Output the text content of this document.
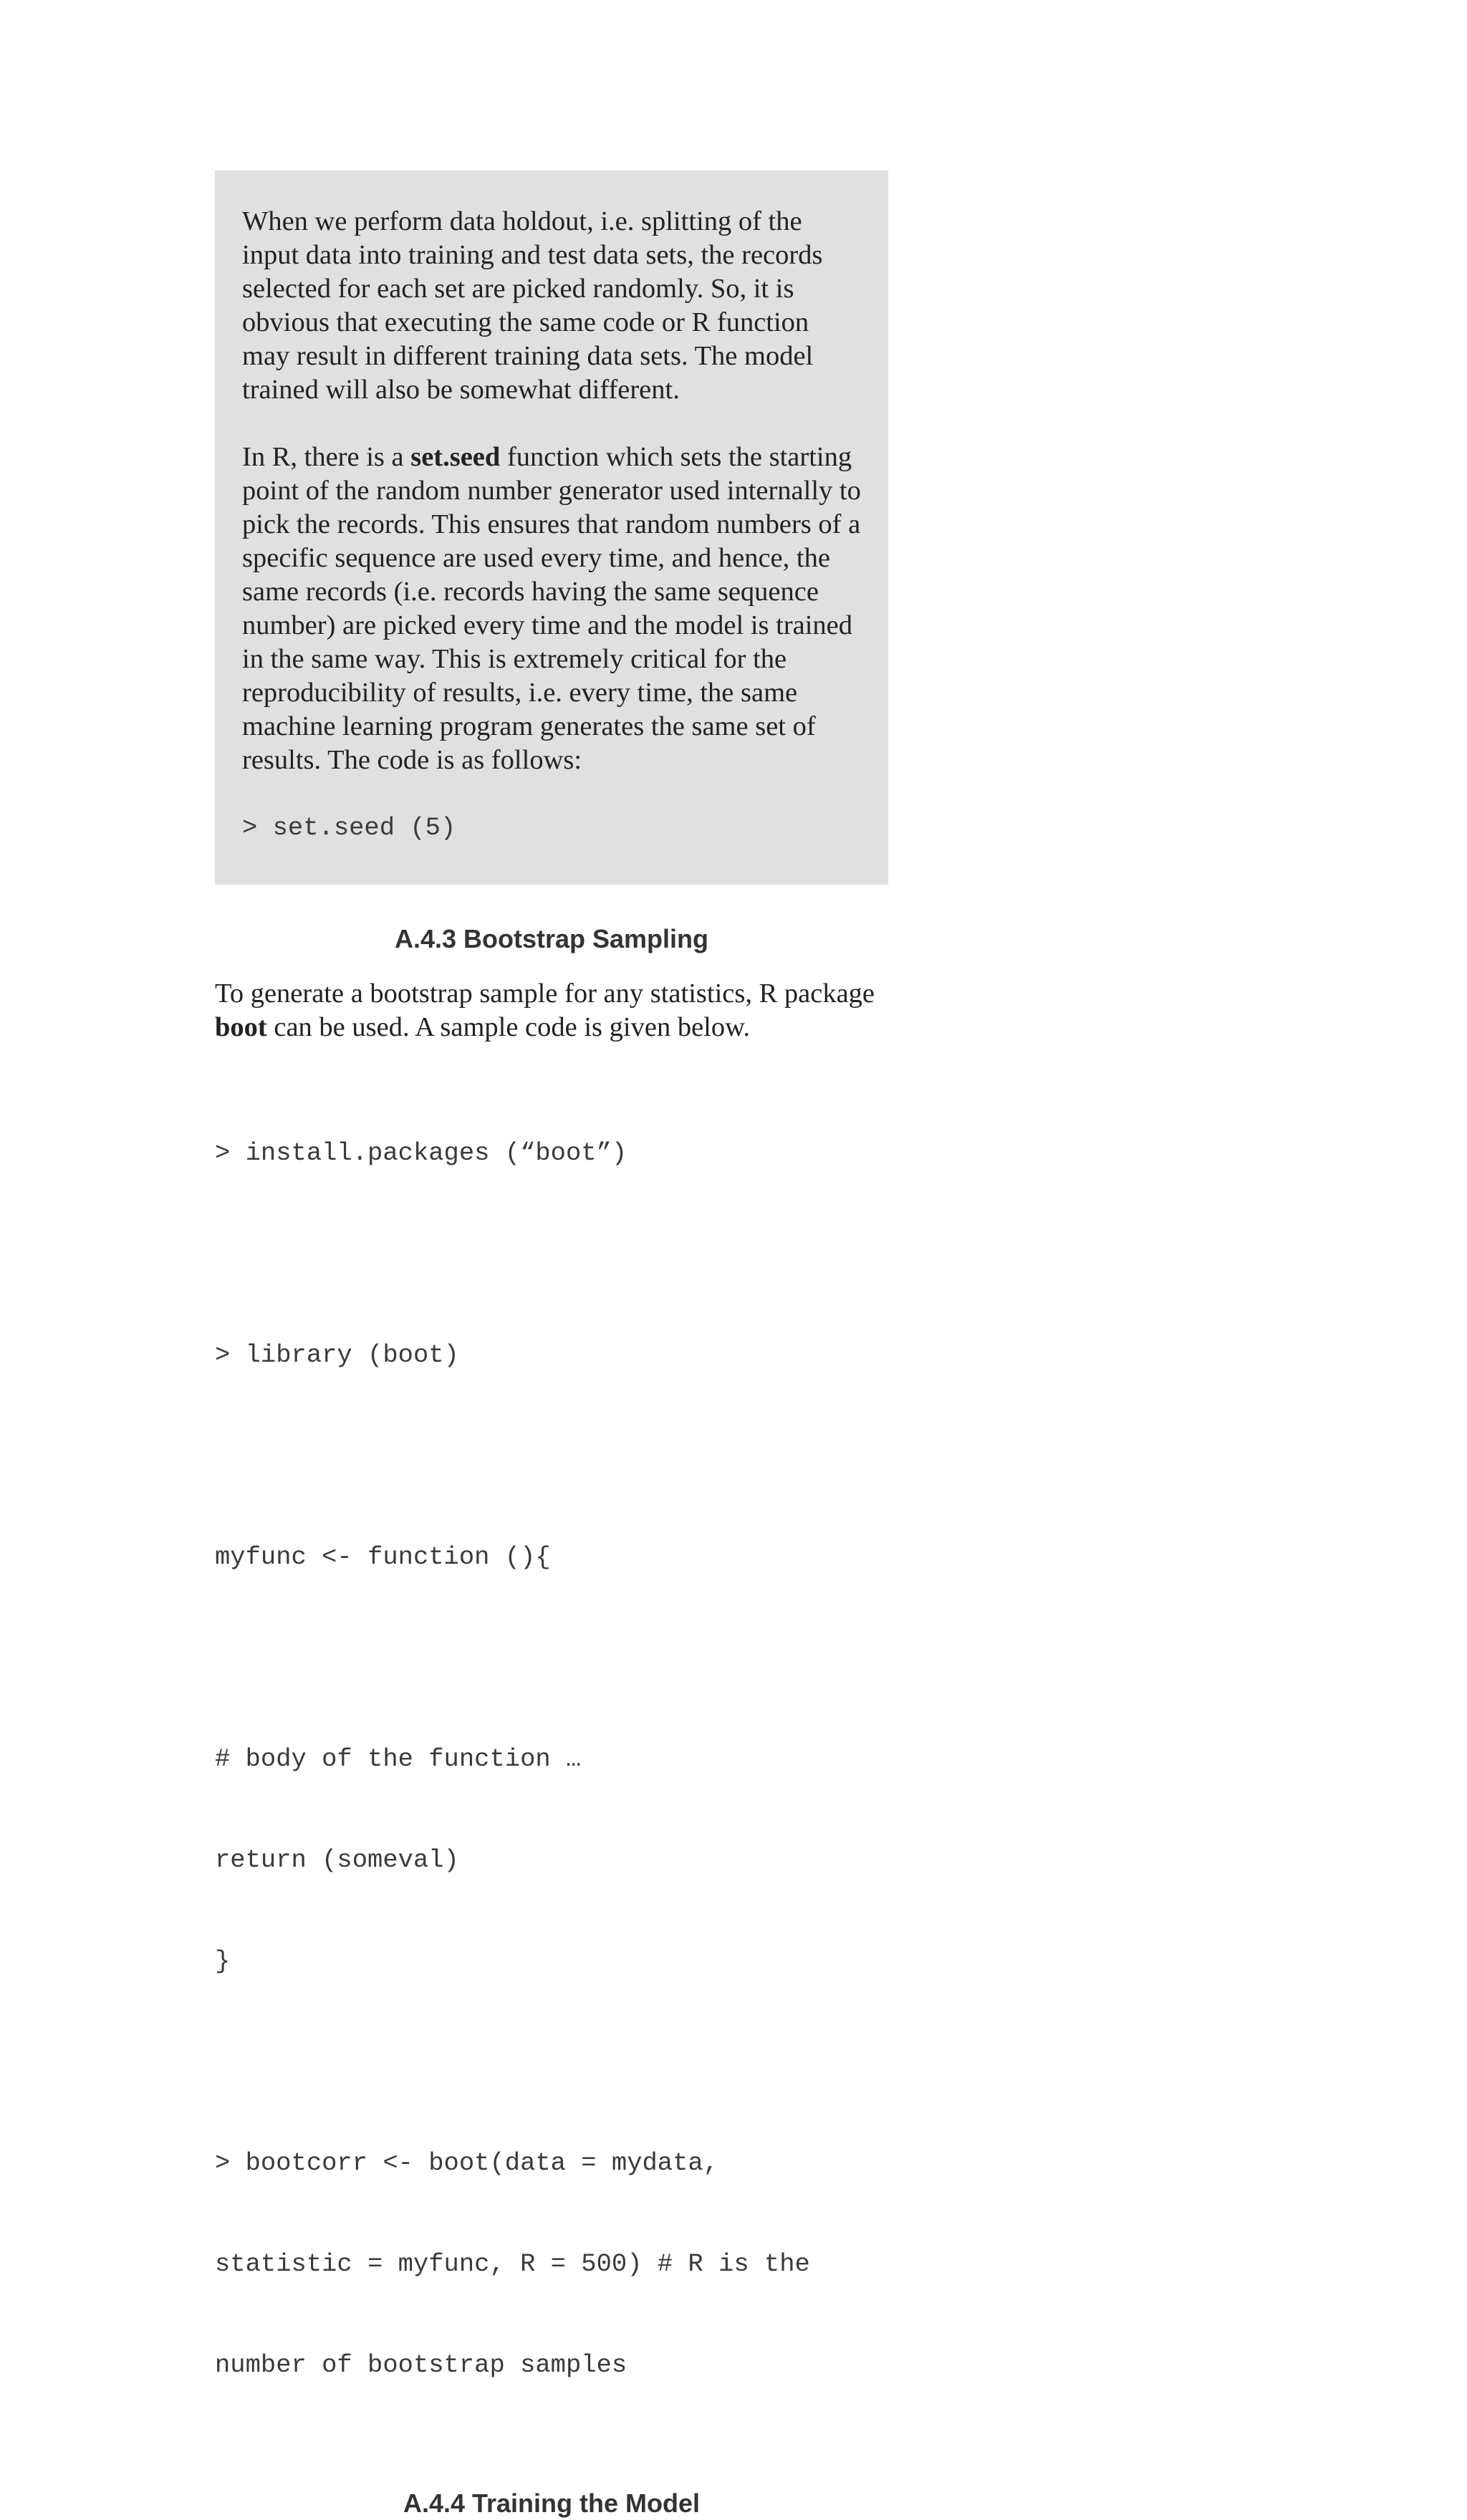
When we perform data holdout, i.e. splitting of the input data into training and test data sets, the records selected for each set are picked randomly. So, it is obvious that executing the same code or R function may result in different training data sets. The model trained will also be somewhat different.

In R, there is a set.seed function which sets the starting point of the random number generator used internally to pick the records. This ensures that random numbers of a specific sequence are used every time, and hence, the same records (i.e. records having the same sequence number) are picked every time and the model is trained in the same way. This is extremely critical for the reproducibility of results, i.e. every time, the same machine learning program generates the same set of results. The code is as follows:

> set.seed (5)
A.4.3 Bootstrap Sampling

To generate a bootstrap sample for any statistics, R package boot can be used. A sample code is given below.

> install.packages (“boot”)

> library (boot)

myfunc <- function (){

# body of the function …

return (someval)

}

> bootcorr <- boot(data = mydata,

statistic = myfunc, R = 500) # R is the

number of bootstrap samples

A.4.4 Training the Model
